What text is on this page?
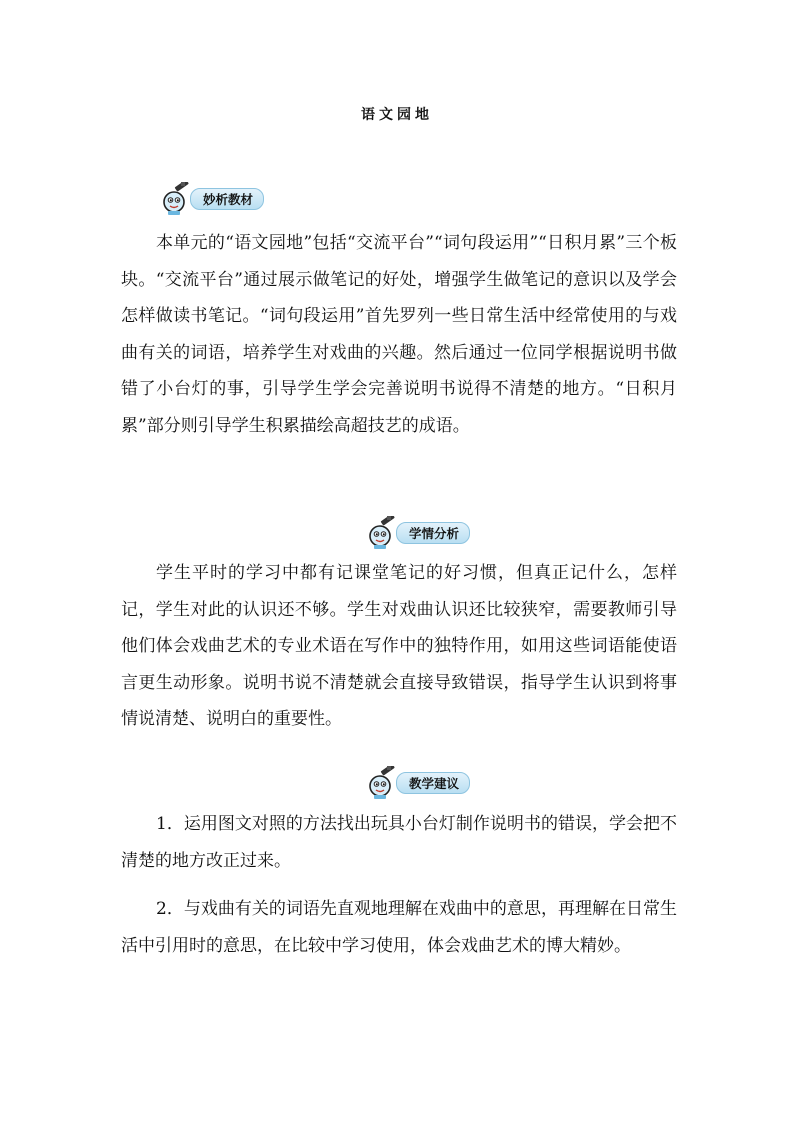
语文园地
妙析教材

本单元的“语文园地”包括“交流平台”“词句段运用”“日积月累”三个板块。“交流平台”通过展示做笔记的好处，增强学生做笔记的意识以及学会怎样做读书笔记。“词句段运用”首先罗列一些日常生活中经常使用的与戏曲有关的词语，培养学生对戏曲的兴趣。然后通过一位同学根据说明书做错了小台灯的事，引导学生学会完善说明书说得不清楚的地方。“日积月累”部分则引导学生积累描绘高超技艺的成语。

学情分析

学生平时的学习中都有记课堂笔记的好习惯，但真正记什么，怎样记，学生对此的认识还不够。学生对戏曲认识还比较狭窄，需要教师引导他们体会戏曲艺术的专业术语在写作中的独特作用，如用这些词语能使语言更生动形象。说明书说不清楚就会直接导致错误，指导学生认识到将事情说清楚、说明白的重要性。

教学建议

1．运用图文对照的方法找出玩具小台灯制作说明书的错误，学会把不清楚的地方改正过来。

2．与戏曲有关的词语先直观地理解在戏曲中的意思，再理解在日常生活中引用时的意思，在比较中学习使用，体会戏曲艺术的博大精妙。
